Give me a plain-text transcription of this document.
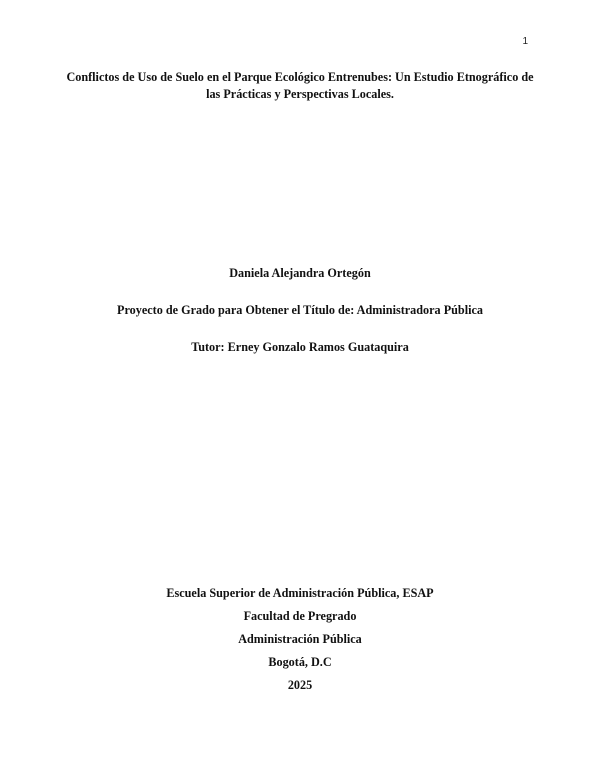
1
Conflictos de Uso de Suelo en el Parque Ecológico Entrenubes: Un Estudio Etnográfico de
las Prácticas y Perspectivas Locales.
Daniela Alejandra Ortegón
Proyecto de Grado para Obtener el Título de: Administradora Pública
Tutor: Erney Gonzalo Ramos Guataquira
Escuela Superior de Administración Pública, ESAP
Facultad de Pregrado
Administración Pública
Bogotá, D.C
2025
